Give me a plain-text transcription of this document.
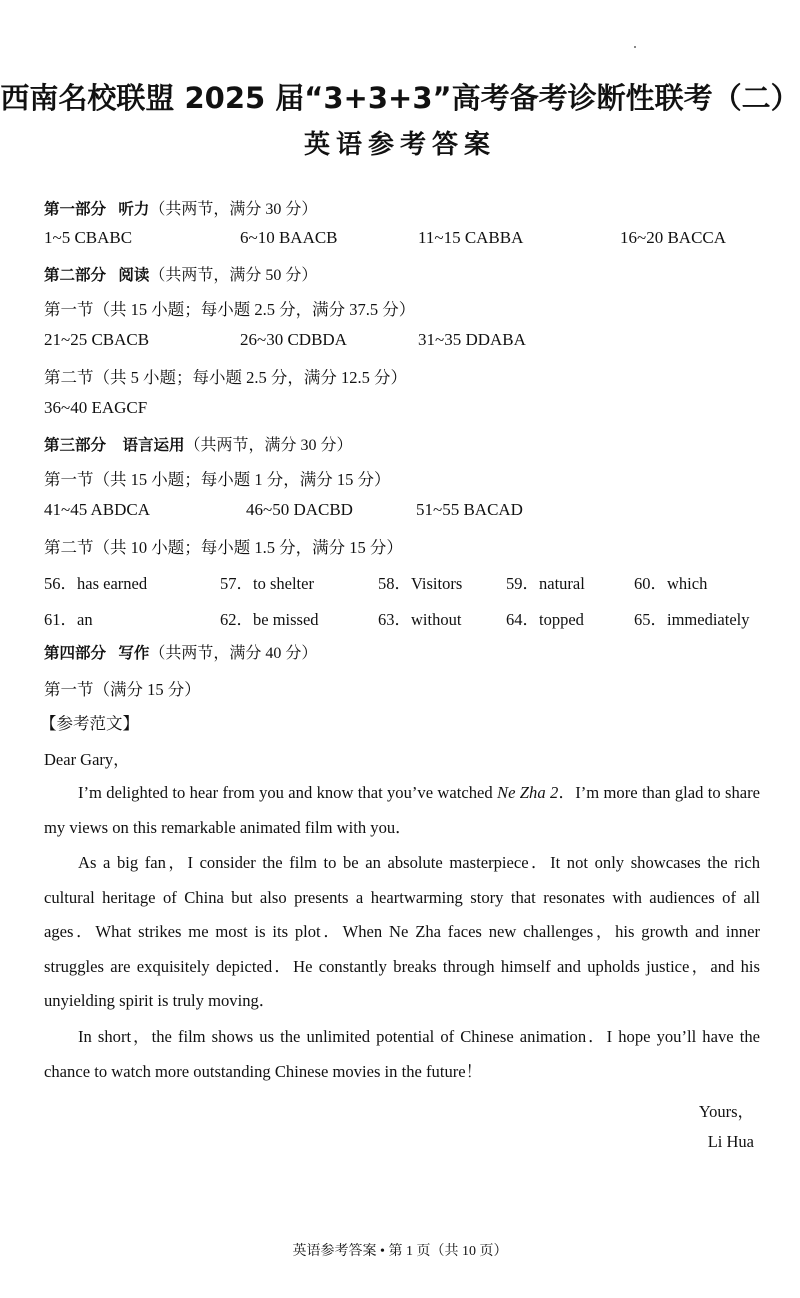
西南名校联盟 2025 届“3+3+3”高考备考诊断性联考（二）
英语参考答案
第一部分 听力（共两节，满分 30 分）
1~5 CBABC	6~10 BAACB	11~15 CABBA	16~20 BACCA
第二部分 阅读（共两节，满分 50 分）
第一节（共 15 小题；每小题 2.5 分，满分 37.5 分）
21~25 CBACB	26~30 CDBDA	31~35 DDABA
第二节（共 5 小题；每小题 2.5 分，满分 12.5 分）
36~40 EAGCF
第三部分 语言运用（共两节，满分 30 分）
第一节（共 15 小题；每小题 1 分，满分 15 分）
41~45 ABDCA	46~50 DACBD	51~55 BACAD
第二节（共 10 小题；每小题 1.5 分，满分 15 分）
56．has earned	57．to shelter	58．Visitors	59．natural	60．which
61．an	62．be missed	63．without	64．topped	65．immediately
第四部分 写作（共两节，满分 40 分）
第一节（满分 15 分）
【参考范文】
Dear Gary，
I’m delighted to hear from you and know that you’ve watched Ne Zha 2．I’m more than glad to share my views on this remarkable animated film with you．
As a big fan，I consider the film to be an absolute masterpiece．It not only showcases the rich cultural heritage of China but also presents a heartwarming story that resonates with audiences of all ages．What strikes me most is its plot．When Ne Zha faces new challenges，his growth and inner struggles are exquisitely depicted．He constantly breaks through himself and upholds justice，and his unyielding spirit is truly moving．
In short，the film shows us the unlimited potential of Chinese animation．I hope you’ll have the chance to watch more outstanding Chinese movies in the future！
Yours，
Li Hua
英语参考答案 • 第 1 页（共 10 页）
